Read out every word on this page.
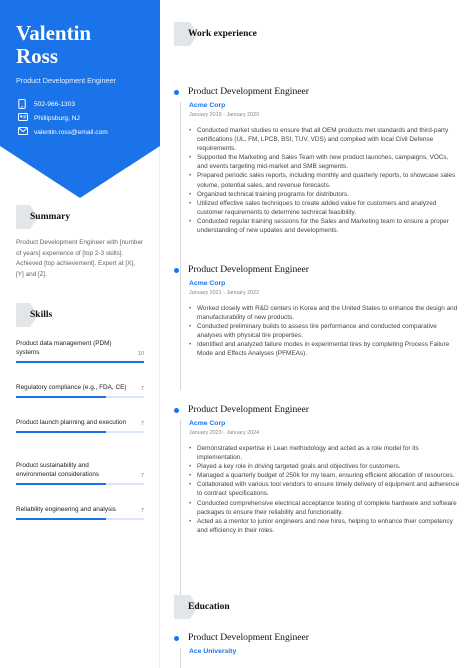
Valentin
Ross
Product Development Engineer
502-966-1303
Phillipsburg, NJ
valentin.ross@email.com
Summary
Product Development Engineer with [number of years] experience of [top 2-3 skills]. Achieved [top achievement]. Expert at [X], [Y] and [Z].
Skills
Product data management (PDM) systems	10
Regulatory compliance (e.g., FDA, CE)	7
Product launch planning and execution	7
Product sustainability and environmental considerations	7
Reliability engineering and analysis	7
Work experience
Product Development Engineer
Acme Corp
January 2019 - January 2020
• Conducted market studies to ensure that all OEM products met standards and third-party certifications (UL, FM, LPCB, BSI, TUV, VDS) and complied with local Civil Defense requirements.
• Supported the Marketing and Sales Team with new product launches, campaigns, VOCs, and events targeting mid-market and SMB segments.
• Prepared periodic sales reports, including monthly and quarterly reports, to showcase sales volume, potential sales, and revenue forecasts.
• Organized technical training programs for distributors.
• Utilized effective sales techniques to create added value for customers and analyzed customer requirements to determine technical feasibility.
• Conducted regular training sessions for the Sales and Marketing team to ensure a proper understanding of new updates and developments.
Product Development Engineer
Acme Corp
January 2021 - January 2022
• Worked closely with R&D centers in Korea and the United States to enhance the design and manufacturability of new products.
• Conducted preliminary builds to assess tire performance and conducted comparative analyses with physical tire properties.
• Identified and analyzed failure modes in experimental tires by completing Process Failure Mode and Effects Analyses (PFMEAs).
Product Development Engineer
Acme Corp
January 2023 - January 2024
• Demonstrated expertise in Lean methodology and acted as a role model for its implementation.
• Played a key role in driving targeted goals and objectives for customers.
• Managed a quarterly budget of 250k for my team, ensuring efficient allocation of resources.
• Collaborated with various tool vendors to ensure timely delivery of equipment and adherence to contract specifications.
• Conducted comprehensive electrical acceptance testing of complete hardware and software packages to ensure their reliability and functionality.
• Acted as a mentor to junior engineers and new hires, helping to enhance their competency and efficiency in their roles.
Education
Product Development Engineer
Ace University
